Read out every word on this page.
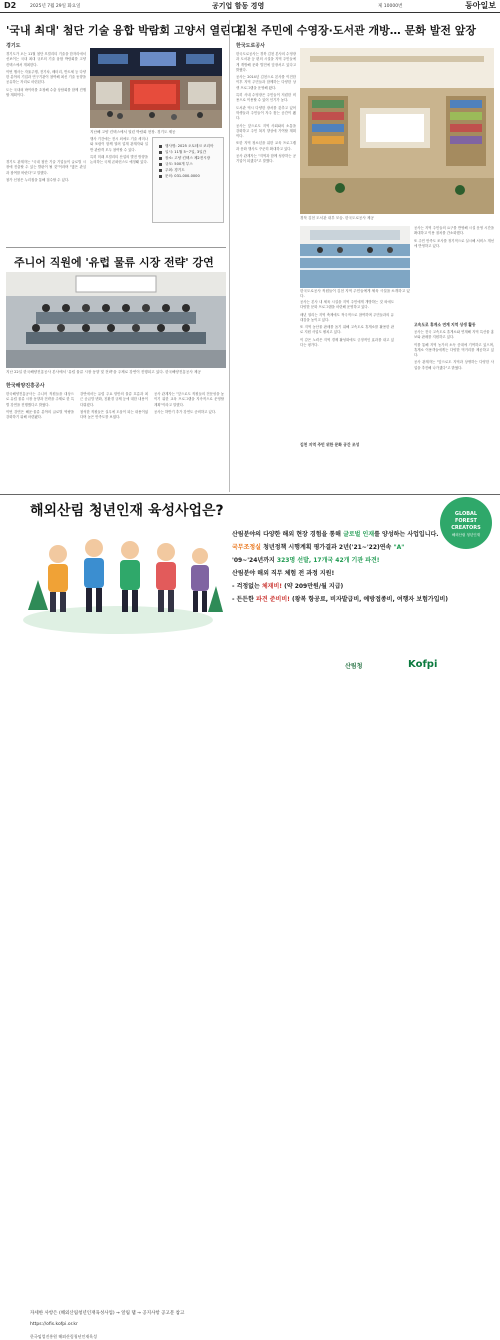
D2	2025년 7월 29일 화요일	공기업 함동 경영	제 10000번	동아일보
'국내 최대' 첨단 기술 융합 박람회 고양서 열린다
경기도

경기도가 오는 11월 첨단 모빌리티 기술을 한자리에서 선보이는 국내 최대 규모의 기술 융합 박람회를 고양 킨텍스에서 개최한다.

이번 행사는 자율주행, 전기차, 배터리, 반도체 등 다양한 분야의 기업과 연구기관이 참여해 최신 기술 동향을 공유하는 자리로 마련된다.

도는 국내외 바이어를 초청해 수출 상담회를 함께 진행할 계획이다.

지난해 고양 킨텍스에서 열린 박람회 현장. 경기도 제공

행사 기간에는 전시 외에도 기술 세미나와 포럼이 함께 열려 업계 관계자와 일반 관람객 모두 참여할 수 있다.

특히 미래 모빌리티 산업의 발전 방향을 논의하는 국제 콘퍼런스도 예정돼 있다.

행사명: 2025 오토테크 코리아
일시: 11월 5~7일, 3일간
장소: 고양 킨텍스 제2전시장
규모: 500개 부스
주최: 경기도
문의: 031-000-0000

경기도 관계자는 "국내 첨단 기술 기업들이 글로벌 시장에 진출할 수 있는 발판이 될 것"이라며 "많은 관심과 참여를 바란다"고 말했다.

참가 신청은 누리집을 통해 접수할 수 있다.

주니어 직원에 '유럽 물류 시장 전략' 강연
지난 22일 한국해양진흥공사 본사에서 '유럽 물류 시장 동향 및 전략'을 주제로 강연이 진행되고 있다. 한국해양진흥공사 제공
한국해양진흥공사

한국해양진흥공사는 주니어 직원들을 대상으로 유럽 물류 시장 동향과 전략을 주제로 한 특별 강연을 진행했다고 밝혔다.

이번 강연은 해운·물류 분야의 글로벌 역량을 강화하기 위해 마련됐다.

강연에서는 유럽 주요 항만의 물류 흐름과 최근 공급망 변화, 친환경 규제 등에 대한 내용이 다뤄졌다.

참석한 직원들은 실무에 도움이 되는 내용이었다며 높은 만족도를 보였다.

공사 관계자는 "앞으로도 직원들의 전문성을 높이기 위한 교육 프로그램을 지속적으로 운영할 계획"이라고 말했다.

공사는 하반기 추가 강연도 준비하고 있다.

김천 주민에 수영장·도서관 개방… 문화 발전 앞장
한국도로공사

한국도로공사는 경북 김천 본사의 수영장과 도서관 등 편의 시설을 지역 주민들에게 개방해 문화 발전에 앞장서고 있다고 밝혔다.

공사는 2014년 김천으로 본사를 이전한 이후 지역 주민들과 함께하는 다양한 상생 프로그램을 운영해 왔다.

특히 사내 수영장은 주민들이 저렴한 비용으로 이용할 수 있어 인기가 높다.

도서관 역시 다양한 장서를 갖추고 있어 학생들과 주민들이 자주 찾는 공간이 됐다.

공사는 앞으로도 지역 사회와의 소통을 강화하고 주민 복지 향상에 기여할 계획이다.

또한 지역 청소년을 위한 교육 프로그램과 문화 행사도 꾸준히 확대하고 있다.

공사 관계자는 "지역과 함께 성장하는 공기업이 되겠다"고 말했다.

경북 김천 도서관 내부 모습. 한국도로공사 제공
한국도로공사 직원들이 김천 지역 주민들에게 체육 시설을 소개하고 있다.

공사는 본사 내 체육 시설을 지역 주민에게 개방하는 것 외에도 다양한 문화 프로그램을 마련해 운영하고 있다.

매년 열리는 지역 축제에도 적극적으로 참여하며 주민들과의 유대감을 높이고 있다.

또 지역 농산물 판매를 돕기 위해 고속도로 휴게소를 활용한 판로 지원 사업도 펼치고 있다.

이 같은 노력은 지역 경제 활성화에도 긍정적인 효과를 내고 있다는 평가다.

김천 지역 주민 위한 문화 공간 조성

공사는 지역 주민들의 요구를 반영해 시설 운영 시간을 확대하고 이용 절차를 간소화했다.

또 주민 만족도 조사를 정기적으로 실시해 서비스 개선에 반영하고 있다.

고속도로 휴게소 연계 지역 상생 활동

공사는 전국 고속도로 휴게소와 연계해 지역 특산물 홍보와 판매를 지원하고 있다.

이를 통해 지역 농가의 소득 증대에 기여하고 있으며, 휴게소 이용객들에게는 다양한 먹거리를 제공하고 있다.

공사 관계자는 "앞으로도 지역과 상생하는 다양한 사업을 추진해 나가겠다"고 밝혔다.

해외산림 청년인재 육성사업은?	GLOBAL
FOREST
CREATORS
해외산림 청년인재
산림분야의 다양한 해외 현장 경험을 통해 글로벌 인재를 양성하는 사업입니다.
국무조정실 청년정책 시행계획 평가결과 2년('21~'22)연속 "A"
'09~'24년까지 323명 선발, 17개국 42개 기관 파견!
산림분야 해외 직무 체험 전 과정 지원!
- 걱정없는 체재비! (약 209만원/월 지급)
- 든든한 파견 준비비! (왕복 항공료, 비자발급비, 예방접종비, 여행자 보험가입비)
자세한 사항은 (해외산림청년인재육성사업) → 알림 탭 → 공지사항 공고문 참고
https://ofis.kofpi.or.kr
한국임업진흥원 해외산림청년인재육성
산림청	Kofpi
